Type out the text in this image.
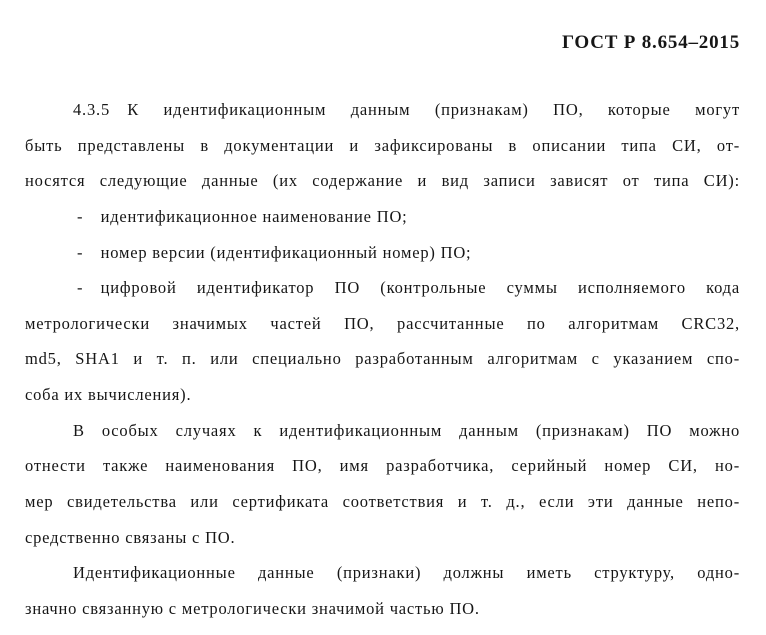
ГОСТ Р 8.654–2015
4.3.5 К идентификационным данным (признакам) ПО, которые могут
быть представлены в документации и зафиксированы в описании типа СИ, от-
носятся следующие данные (их содержание и вид записи зависят от типа СИ):
- идентификационное наименование ПО;
- номер версии (идентификационный номер) ПО;
- цифровой идентификатор ПО (контрольные суммы исполняемого кода
метрологически значимых частей ПО, рассчитанные по алгоритмам CRC32,
md5, SHA1 и т. п. или специально разработанным алгоритмам с указанием спо-
соба их вычисления).
В особых случаях к идентификационным данным (признакам) ПО можно
отнести также наименования ПО, имя разработчика, серийный номер СИ, но-
мер свидетельства или сертификата соответствия и т. д., если эти данные непо-
средственно связаны с ПО.
Идентификационные данные (признаки) должны иметь структуру, одно-
значно связанную с метрологически значимой частью ПО.
